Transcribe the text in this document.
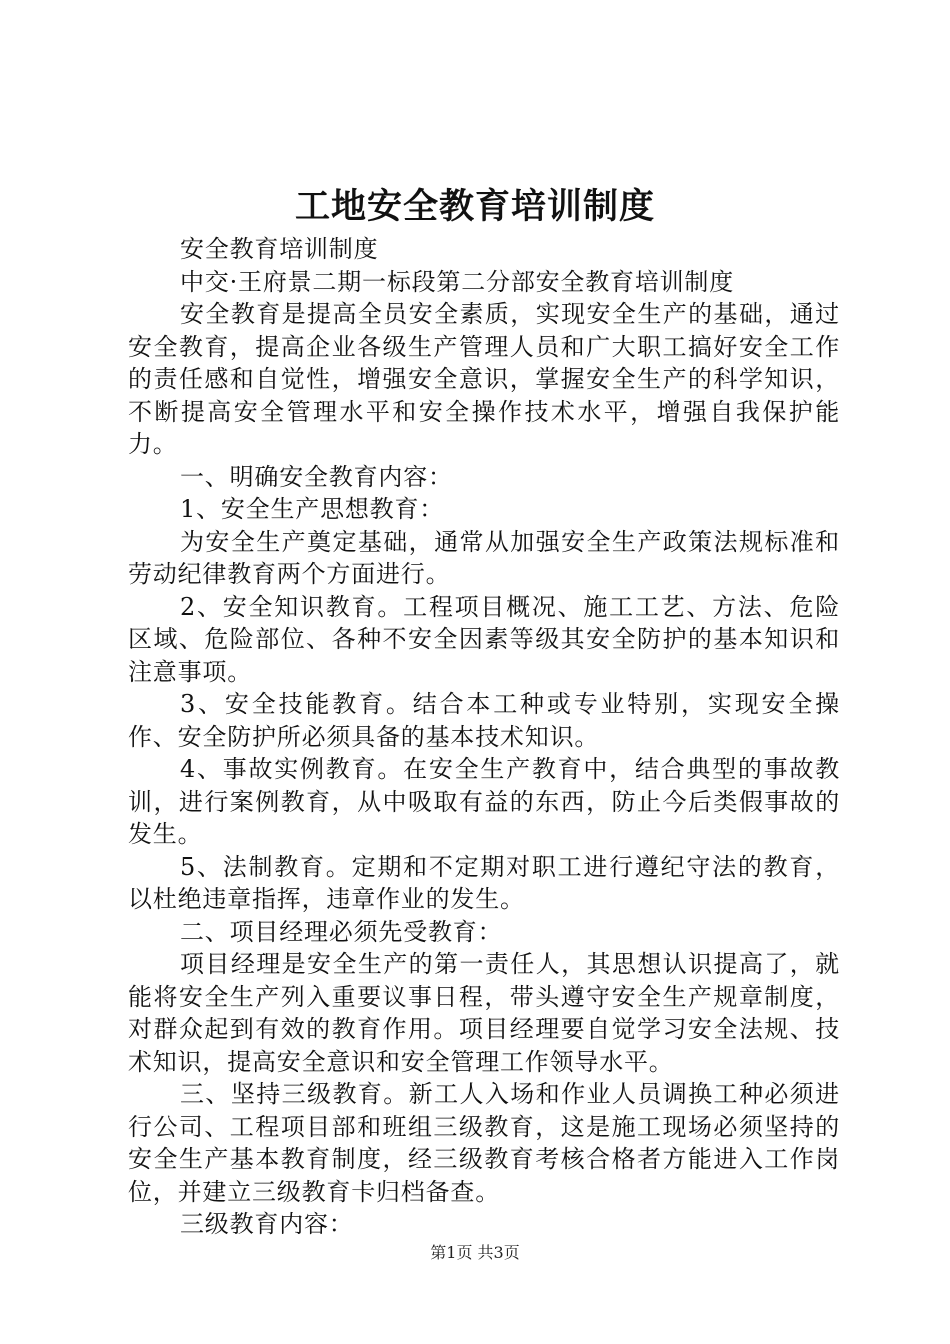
工地安全教育培训制度

安全教育培训制度

中交·王府景二期一标段第二分部安全教育培训制度

安全教育是提高全员安全素质，实现安全生产的基础，通过安全教育，提高企业各级生产管理人员和广大职工搞好安全工作的责任感和自觉性，增强安全意识，掌握安全生产的科学知识，不断提高安全管理水平和安全操作技术水平，增强自我保护能力。

一、明确安全教育内容：

1、安全生产思想教育：

为安全生产奠定基础，通常从加强安全生产政策法规标准和劳动纪律教育两个方面进行。

2、安全知识教育。工程项目概况、施工工艺、方法、危险区域、危险部位、各种不安全因素等级其安全防护的基本知识和注意事项。

3、安全技能教育。结合本工种或专业特别，实现安全操作、安全防护所必须具备的基本技术知识。

4、事故实例教育。在安全生产教育中，结合典型的事故教训，进行案例教育，从中吸取有益的东西，防止今后类假事故的发生。

5、法制教育。定期和不定期对职工进行遵纪守法的教育，以杜绝违章指挥，违章作业的发生。

二、项目经理必须先受教育：

项目经理是安全生产的第一责任人，其思想认识提高了，就能将安全生产列入重要议事日程，带头遵守安全生产规章制度，对群众起到有效的教育作用。项目经理要自觉学习安全法规、技术知识，提高安全意识和安全管理工作领导水平。

三、坚持三级教育。新工人入场和作业人员调换工种必须进行公司、工程项目部和班组三级教育，这是施工现场必须坚持的安全生产基本教育制度，经三级教育考核合格者方能进入工作岗位，并建立三级教育卡归档备查。

三级教育内容：

第1页 共3页
